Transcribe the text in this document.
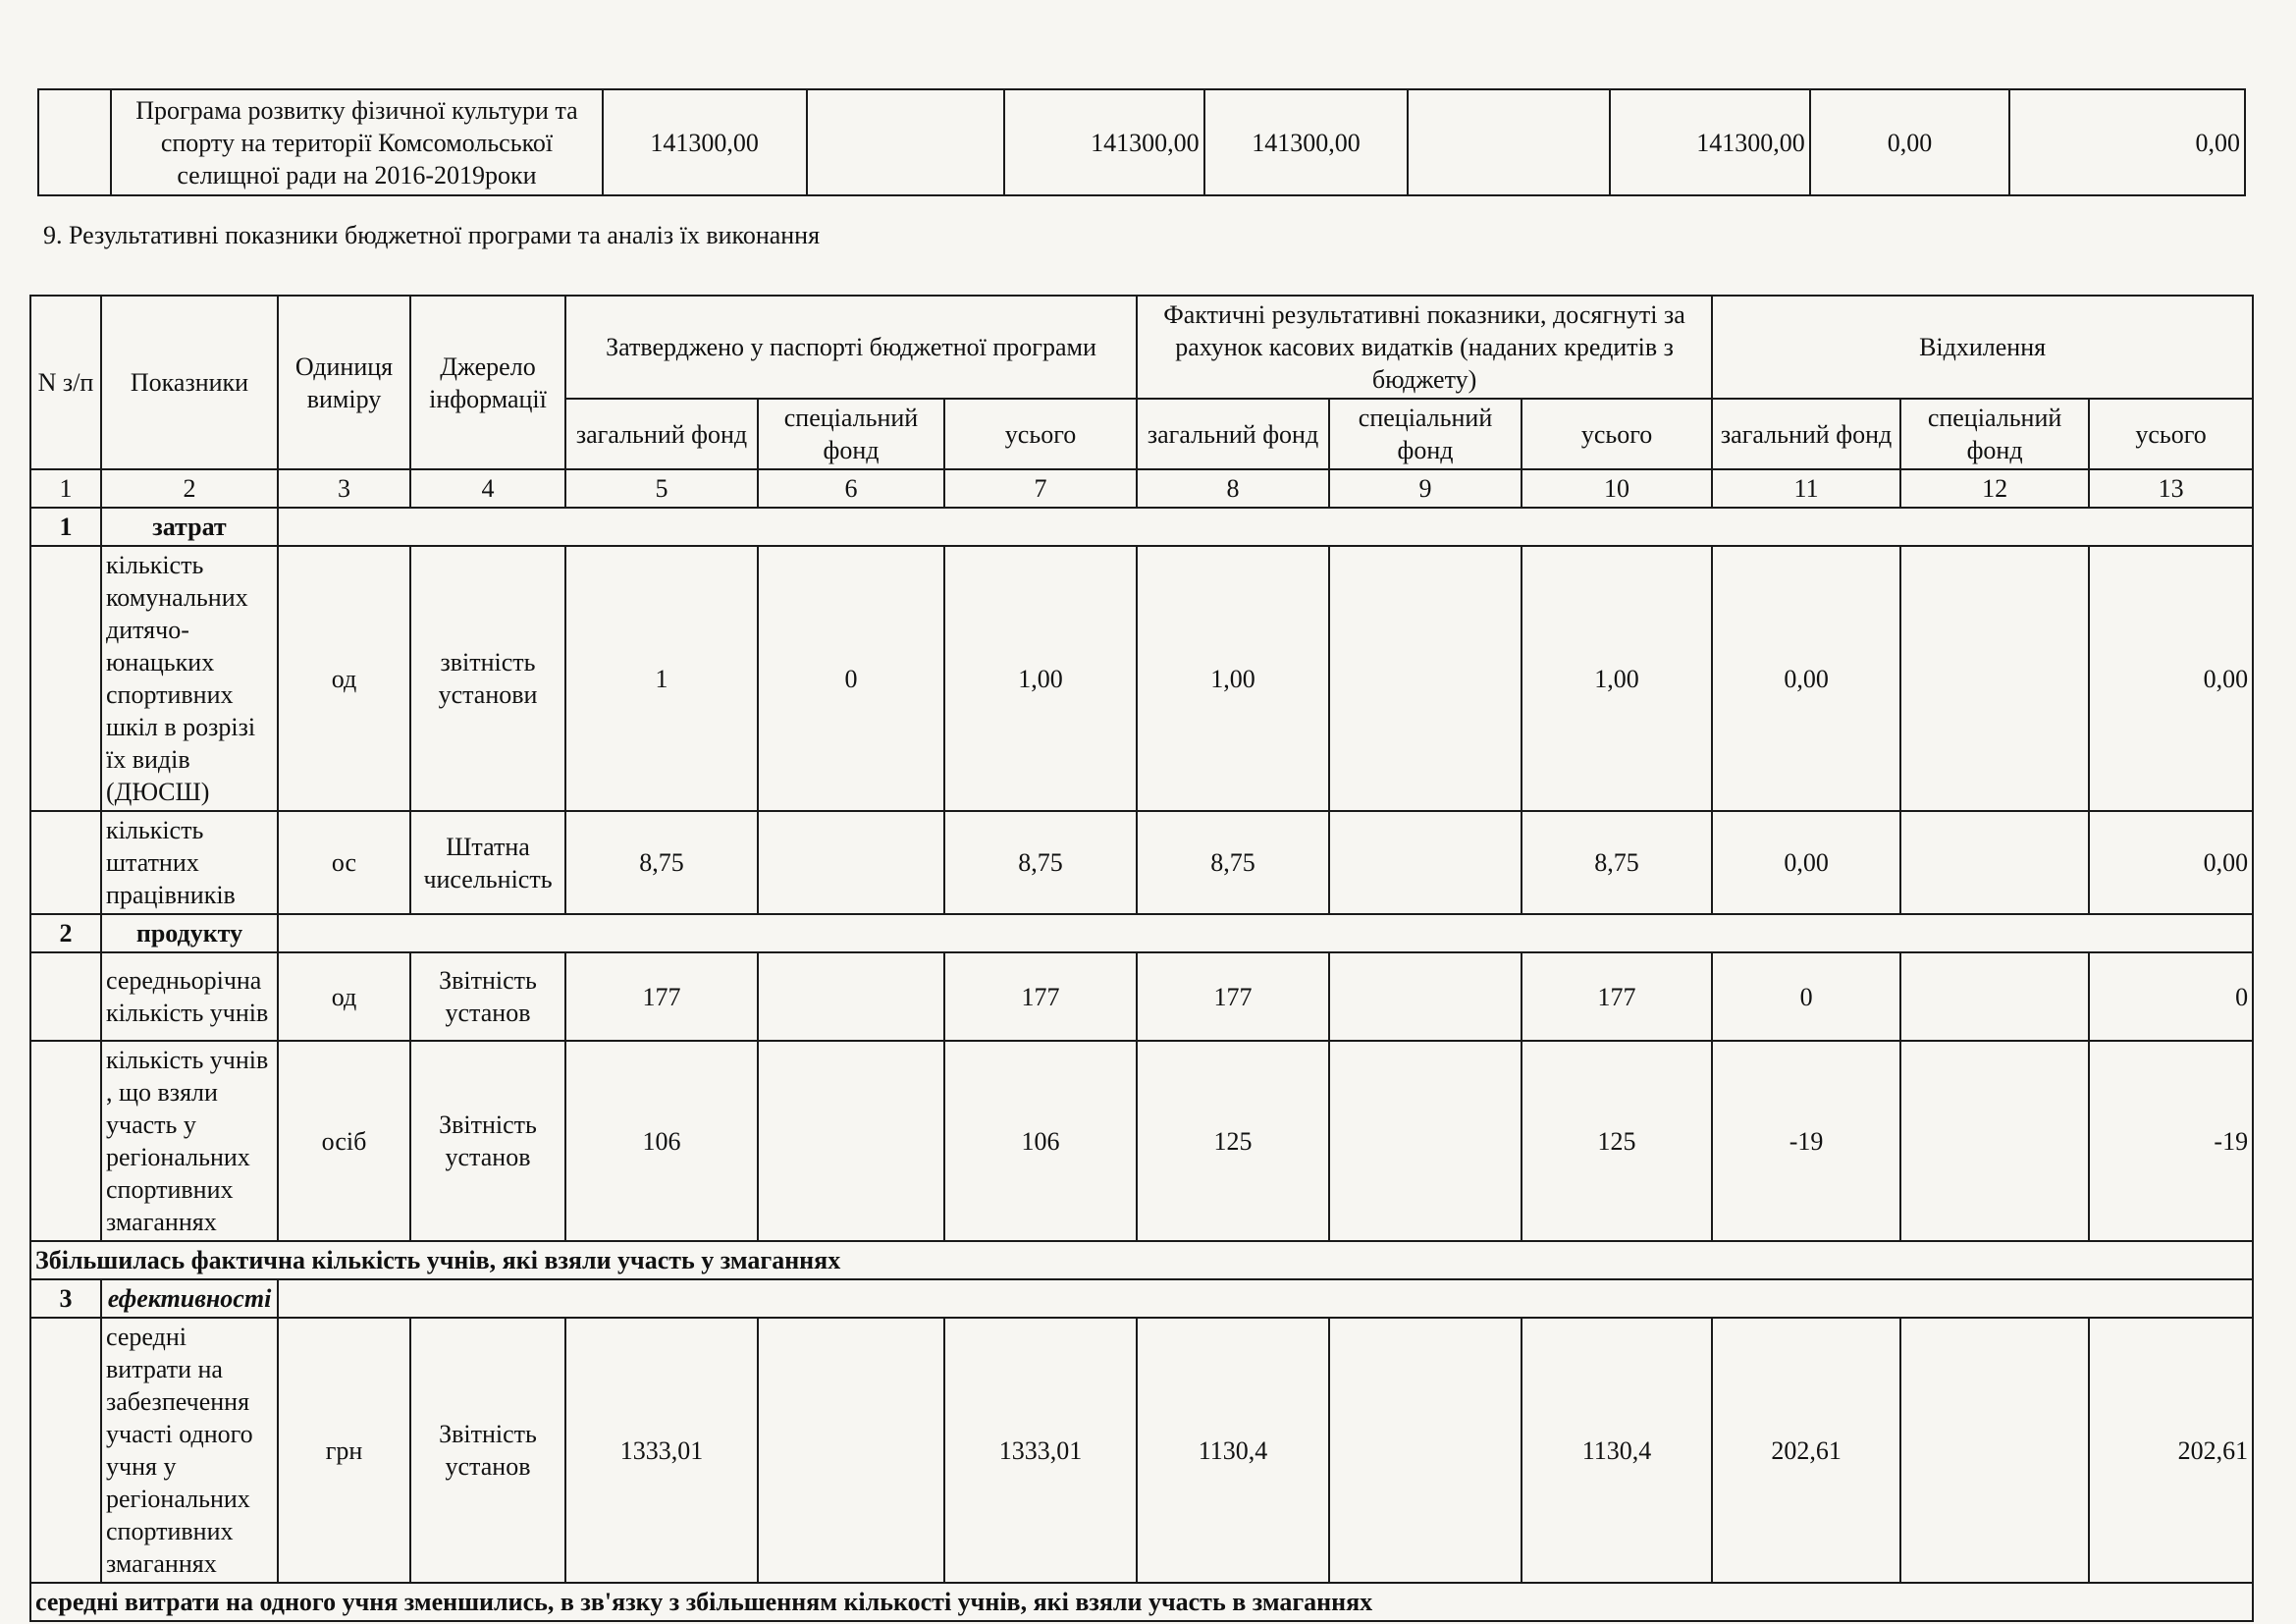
	Програма розвитку фізичної культури та спорту на території Комсомольської селищної ради на 2016-2019роки	141300,00		141300,00	141300,00		141300,00	0,00	0,00
9. Результативні показники бюджетної програми та аналіз їх виконання
N з/п	Показники	Одиниця виміру	Джерело інформації	Затверджено у паспорті бюджетної програми			Фактичні результативні показники, досягнуті за рахунок касових видатків (наданих кредитів з бюджету)			Відхилення		
				загальний фонд	спеціальний фонд	усього	загальний фонд	спеціальний фонд	усього	загальний фонд	спеціальний фонд	усього
1	2	3	4	5	6	7	8	9	10	11	12	13
1	затрат											
	кількість комунальних дитячо-юнацьких спортивних шкіл в розрізі їх видів (ДЮСШ)	од	звітність установи	1	0	1,00	1,00		1,00	0,00		0,00
	кількість штатних працівників	ос	Штатна чисельність	8,75		8,75	8,75		8,75	0,00		0,00
2	продукту											
	середньорічна кількість учнів	од	Звітність установ	177		177	177		177	0		0
	кількість учнів , що взяли участь у регіональних спортивних змаганнях	осіб	Звітність установ	106		106	125		125	-19		-19
Збільшилась фактична кількість учнів, які взяли участь у змаганнях												
3	ефективності											
	середні витрати на забезпечення участі одного учня у регіональних спортивних змаганнях	грн	Звітність установ	1333,01		1333,01	1130,4		1130,4	202,61		202,61
середні витрати на одного учня зменшились, в зв'язку з збільшенням кількості учнів, які взяли участь в змаганнях												
